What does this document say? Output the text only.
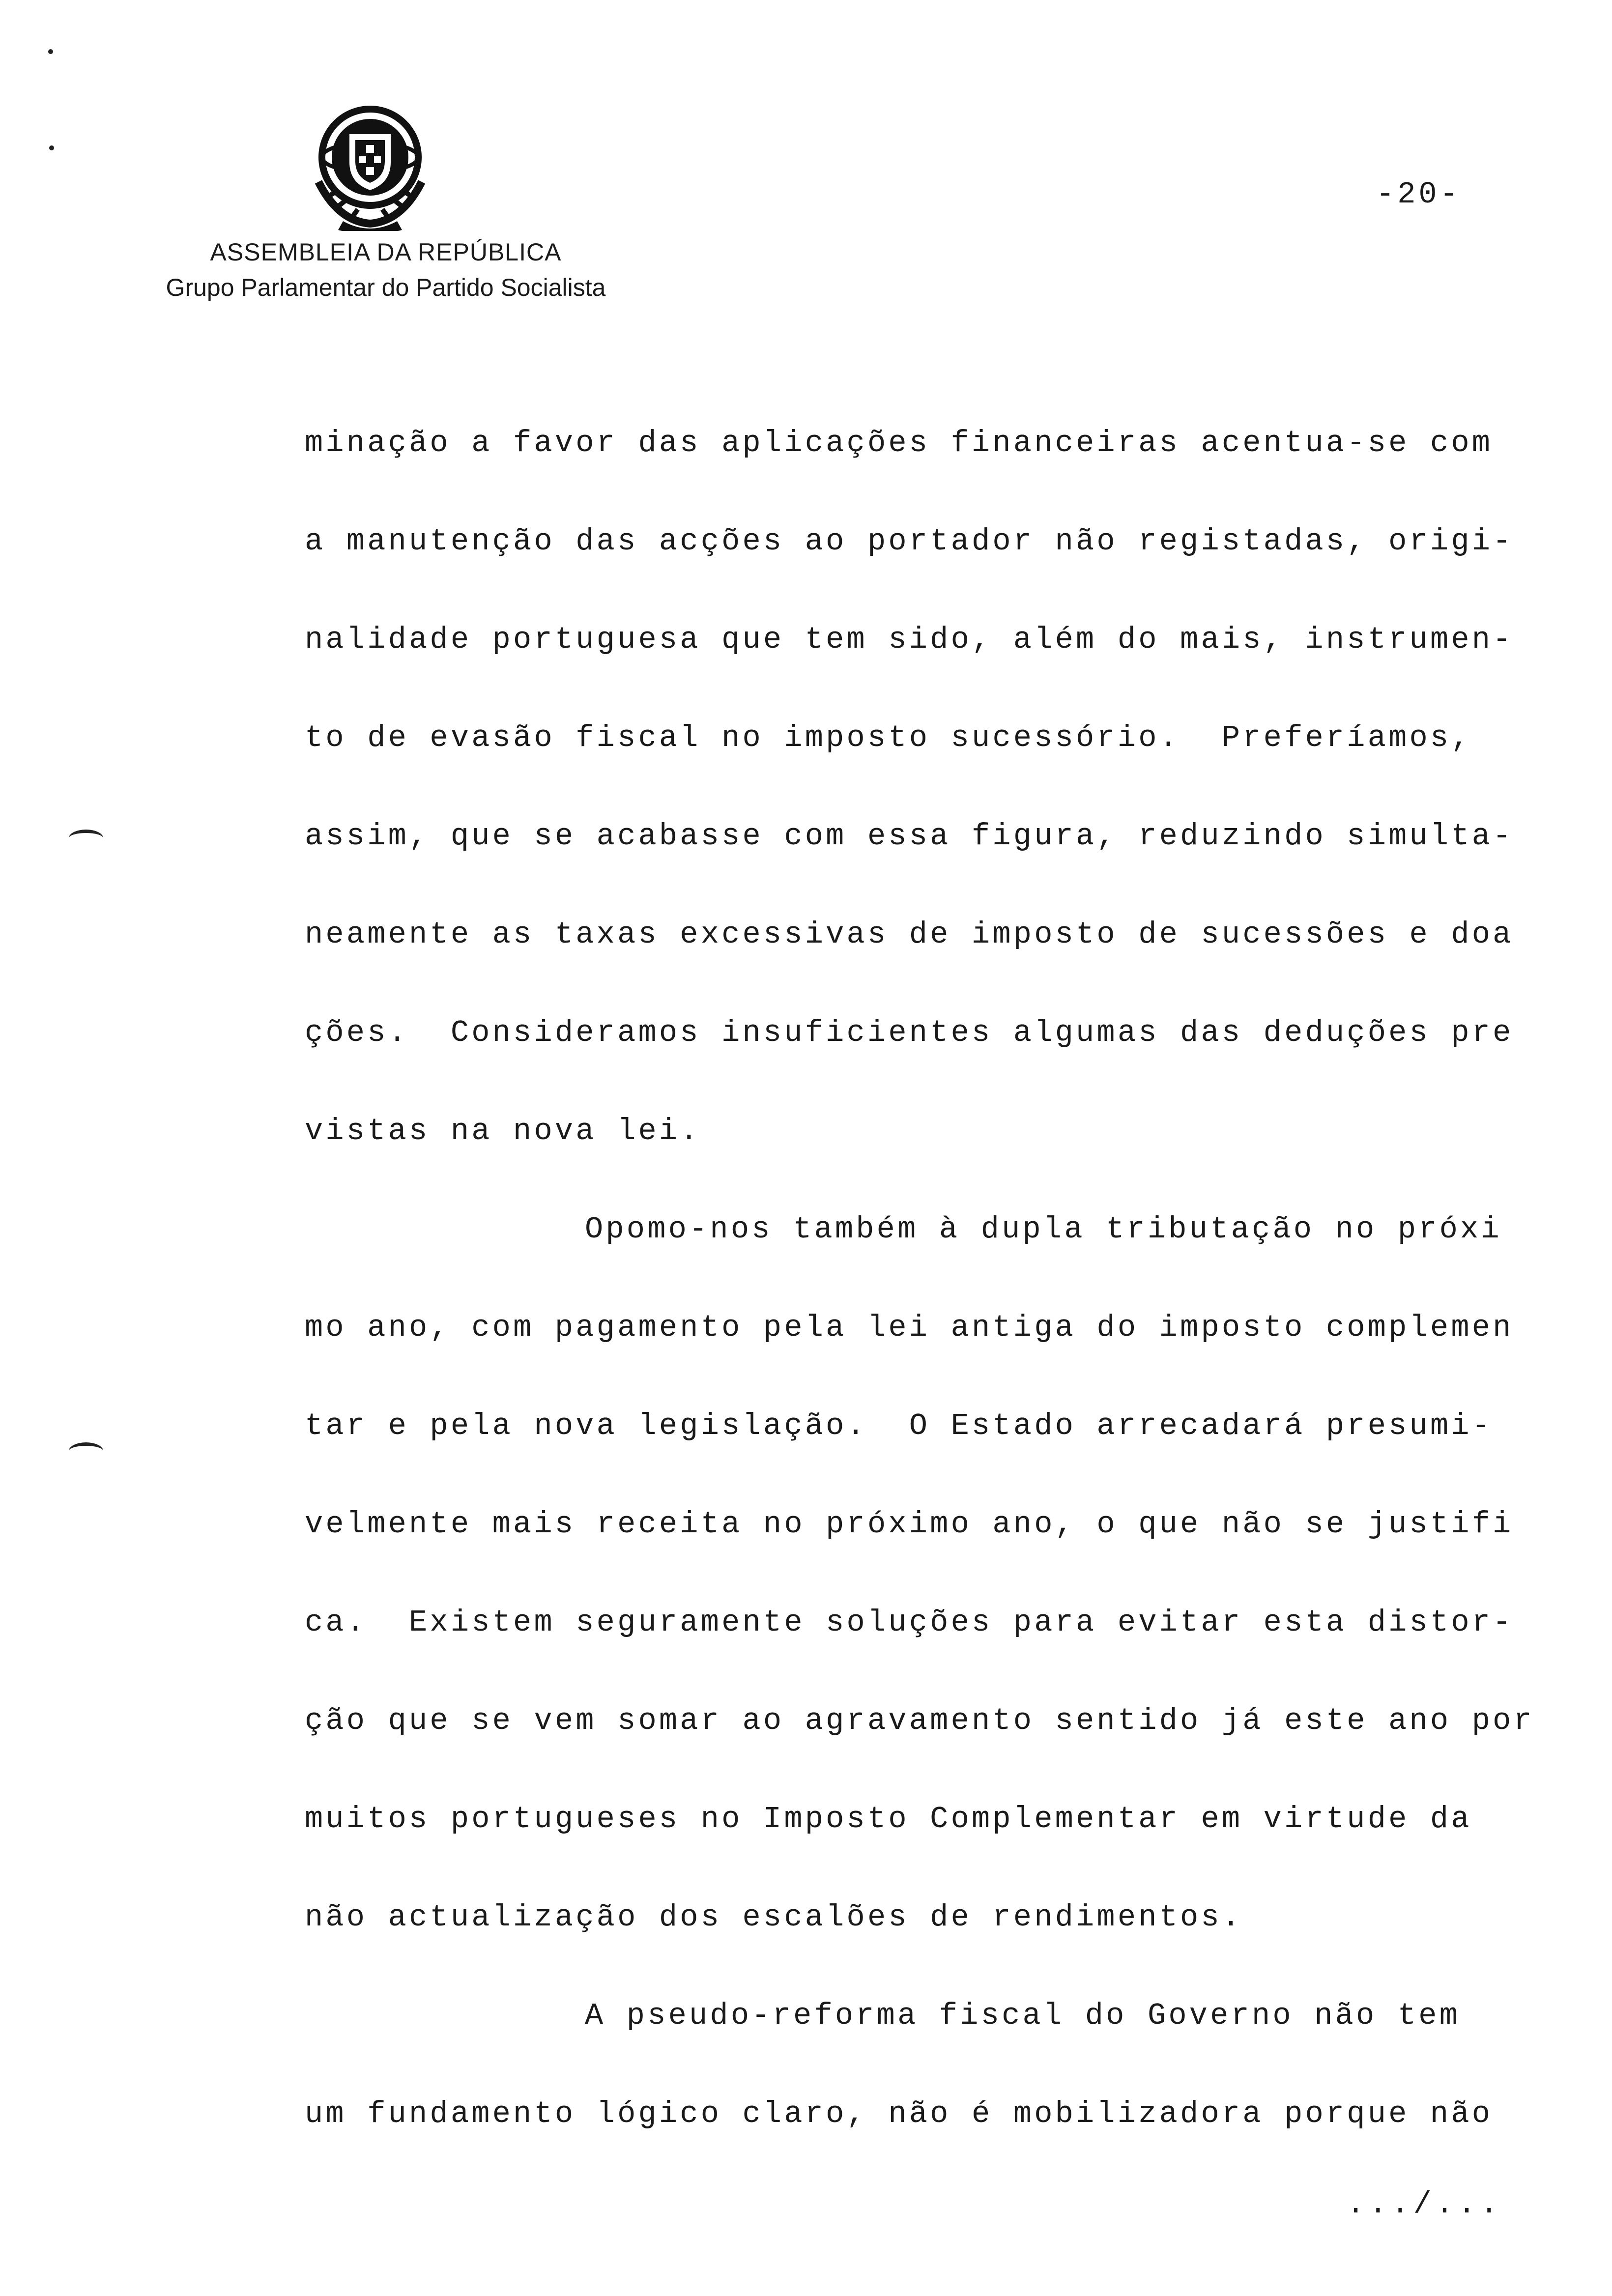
ASSEMBLEIA DA REPÚBLICA
Grupo Parlamentar do Partido Socialista
-20-
minação a favor das aplicações financeiras acentua-se com
a manutenção das acções ao portador não registadas, origi-
nalidade portuguesa que tem sido, além do mais, instrumen-
to de evasão fiscal no imposto sucessório.  Preferíamos,
assim, que se acabasse com essa figura, reduzindo simulta-
neamente as taxas excessivas de imposto de sucessões e doa
ções.  Consideramos insuficientes algumas das deduções pre
vistas na nova lei.
Opomo-nos também à dupla tributação no próxi
mo ano, com pagamento pela lei antiga do imposto complemen
tar e pela nova legislação.  O Estado arrecadará presumi-
velmente mais receita no próximo ano, o que não se justifi
ca.  Existem seguramente soluções para evitar esta distor-
ção que se vem somar ao agravamento sentido já este ano por
muitos portugueses no Imposto Complementar em virtude da
não actualização dos escalões de rendimentos.
A pseudo-reforma fiscal do Governo não tem
um fundamento lógico claro, não é mobilizadora porque não
.../...
